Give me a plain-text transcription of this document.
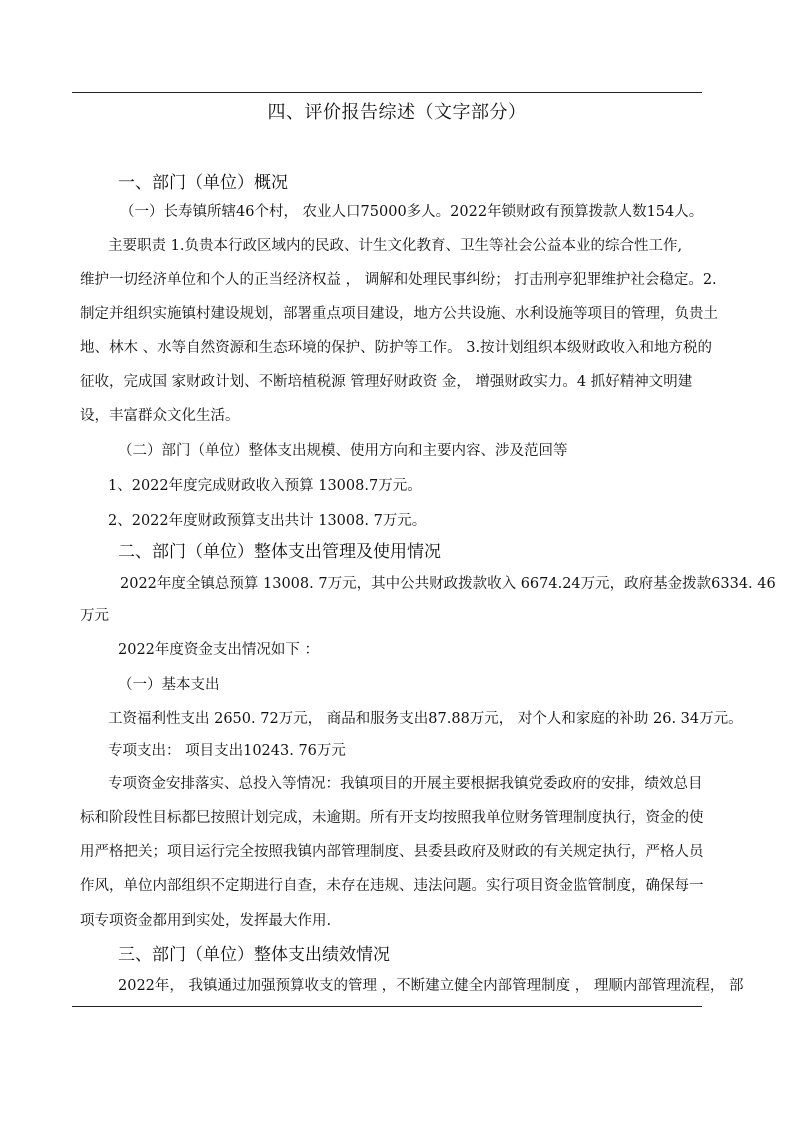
四、评价报告综述（文字部分）
一、部门（单位）概况
（一）长寿镇所辖46个村， 农业人口75000多人。2022年锁财政有预算拨款人数154人。
主要职责 1.负贵本行政区域内的民政、计生文化教育、卫生等社会公益本业的综合性工作,
维护一切经济单位和个人的正当经济权益 ， 调解和处理民事纠纷； 打击刑亭犯罪维护社会稳定。2.
制定并组织实施镇村建设规划，部署重点项目建设，地方公共设施、水利设施等项目的管理，负贵土
地、林木 、水等自然资源和生态环境的保护、防护等工作。 3.按计划组织本级财政收入和地方税的
征收，完成国 家财政计划、不断培植税源 管理好财政资 金， 增强财政实力。4 抓好精神文明建
设，丰富群众文化生活。
（二）部门（单位）整体支出规模、使用方向和主要内容、涉及范回等
1、2022年度完成财政收入预算 13008.7万元。
2、2022年度财政预算支出共计 13008. 7万元。
二、部门（单位）整体支出管理及使用情况
2022年度全镇总预算 13008. 7万元，其中公共财政拨款收入 6674.24万元，政府基金拨款6334. 46
万元
2022年度资金支出情况如下 ：
（一）基本支出
工资福利性支出 2650. 72万元， 商品和服务支出87.88万元， 对个人和家庭的补助 26. 34万元。
专项支出： 项目支出10243. 76万元
专项资金安排落实、总投入等情况：我镇项目的开展主要根据我镇党委政府的安排，绩效总目
标和阶段性目标都巳按照计划完成，未逾期。所有开支均按照我单位财务管理制度执行，资金的使
用严格把关；项目运行完全按照我镇内部管理制度、县委县政府及财政的有关规定执行，严格人员
作风，单位内部组织不定期进行自查，未存在违规、违法问题。实行项目资金监管制度，确保每一
项专项资金都用到实处，发挥最大作用.
三、部门（单位）整体支出绩效情况
2022年， 我镇通过加强预算收支的管理 ，不断建立健全内部管理制度 ， 理顺内部管理流程， 部
